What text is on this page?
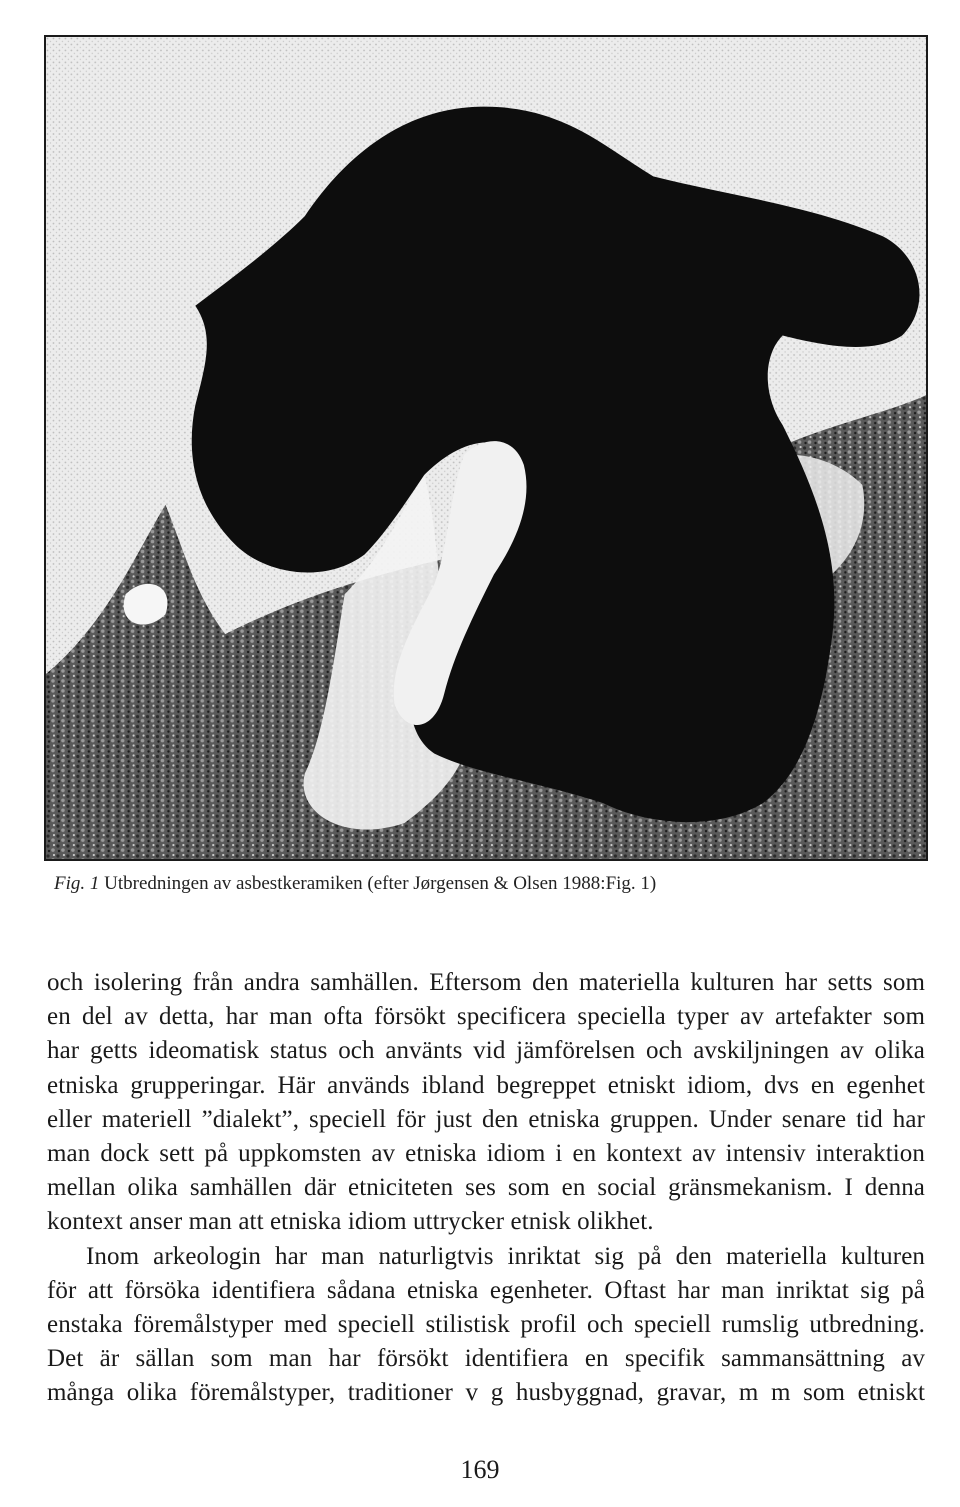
Fig. 1 Utbredningen av asbestkeramiken (efter Jørgensen & Olsen 1988:Fig. 1)
och isolering från andra samhällen. Eftersom den materiella kulturen har setts som
en del av detta, har man ofta försökt specificera speciella typer av artefakter som
har getts ideomatisk status och använts vid jämförelsen och avskiljningen av olika
etniska grupperingar. Här används ibland begreppet etniskt idiom, dvs en egenhet
eller materiell ”dialekt”, speciell för just den etniska gruppen. Under senare tid har
man dock sett på uppkomsten av etniska idiom i en kontext av intensiv interaktion
mellan olika samhällen där etniciteten ses som en social gränsmekanism. I denna
kontext anser man att etniska idiom uttrycker etnisk olikhet.
Inom arkeologin har man naturligtvis inriktat sig på den materiella kulturen
för att försöka identifiera sådana etniska egenheter. Oftast har man inriktat sig på
enstaka föremålstyper med speciell stilistisk profil och speciell rumslig utbredning.
Det är sällan som man har försökt identifiera en specifik sammansättning av
många olika föremålstyper, traditioner v g husbyggnad, gravar, m m som etniskt
169
